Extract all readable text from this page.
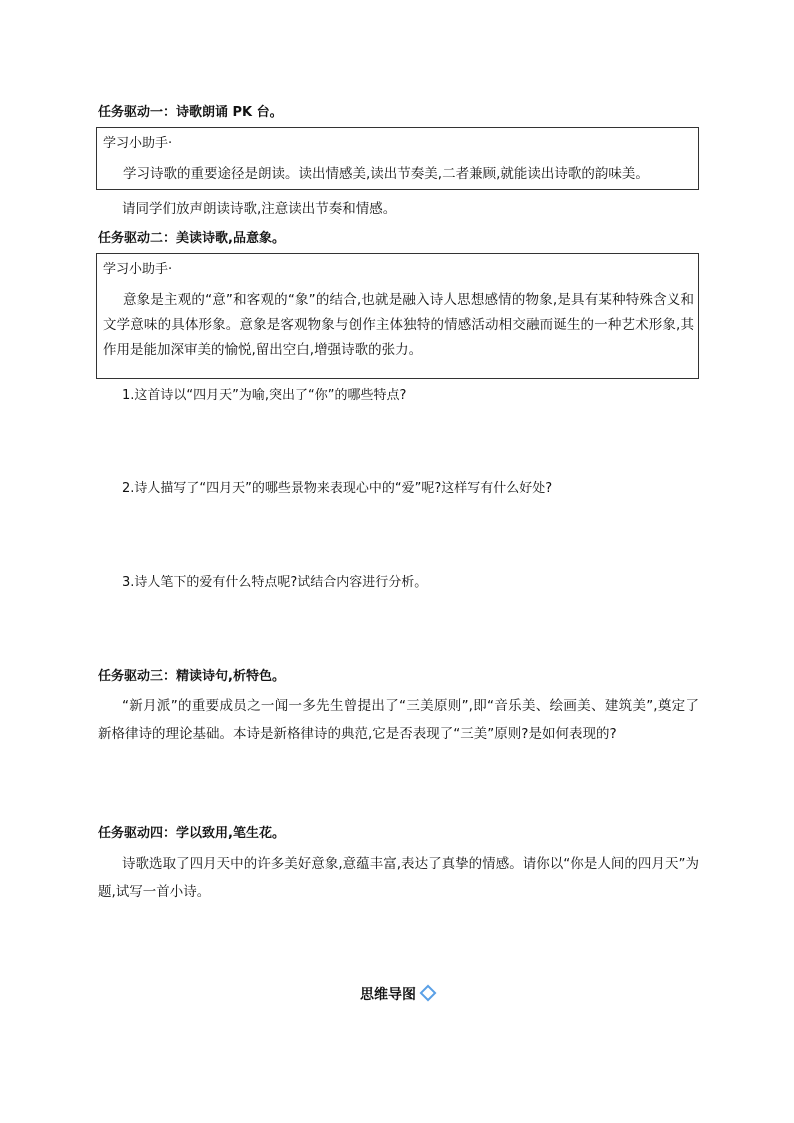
任务驱动一：诗歌朗诵 PK 台。
学习小助手·
学习诗歌的重要途径是朗读。读出情感美,读出节奏美,二者兼顾,就能读出诗歌的韵味美。
请同学们放声朗读诗歌,注意读出节奏和情感。
任务驱动二：美读诗歌,品意象。
学习小助手·
意象是主观的“意”和客观的“象”的结合,也就是融入诗人思想感情的物象,是具有某种特殊含义和文学意味的具体形象。意象是客观物象与创作主体独特的情感活动相交融而诞生的一种艺术形象,其作用是能加深审美的愉悦,留出空白,增强诗歌的张力。
1.这首诗以“四月天”为喻,突出了“你”的哪些特点?
2.诗人描写了“四月天”的哪些景物来表现心中的“爱”呢?这样写有什么好处?
3.诗人笔下的爱有什么特点呢?试结合内容进行分析。
任务驱动三：精读诗句,析特色。
“新月派”的重要成员之一闻一多先生曾提出了“三美原则”,即“音乐美、绘画美、建筑美”,奠定了新格律诗的理论基础。本诗是新格律诗的典范,它是否表现了“三美”原则?是如何表现的?
任务驱动四：学以致用,笔生花。
诗歌选取了四月天中的许多美好意象,意蕴丰富,表达了真挚的情感。请你以“你是人间的四月天”为题,试写一首小诗。
思维导图
